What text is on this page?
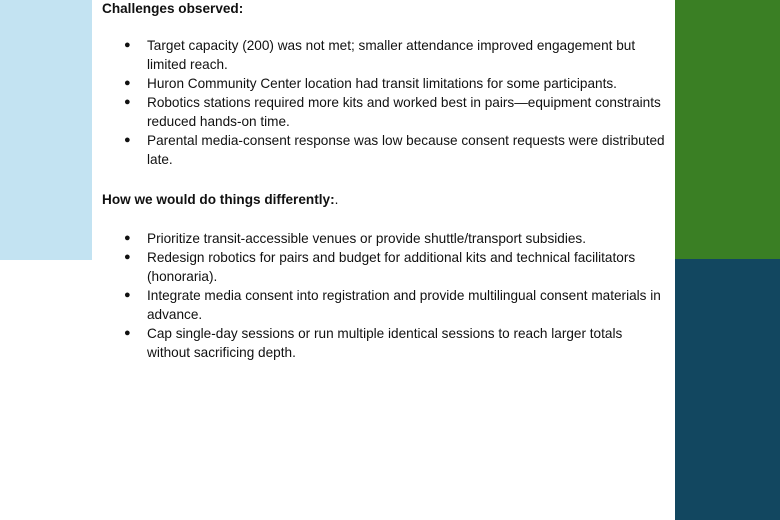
Challenges observed:

● Target capacity (200) was not met; smaller attendance improved engagement but limited reach.
● Huron Community Center location had transit limitations for some participants.
● Robotics stations required more kits and worked best in pairs—equipment constraints reduced hands-on time.
● Parental media-consent response was low because consent requests were distributed late.

How we would do things differently:.

● Prioritize transit-accessible venues or provide shuttle/transport subsidies.
● Redesign robotics for pairs and budget for additional kits and technical facilitators (honoraria).
● Integrate media consent into registration and provide multilingual consent materials in advance.
● Cap single-day sessions or run multiple identical sessions to reach larger totals without sacrificing depth.
